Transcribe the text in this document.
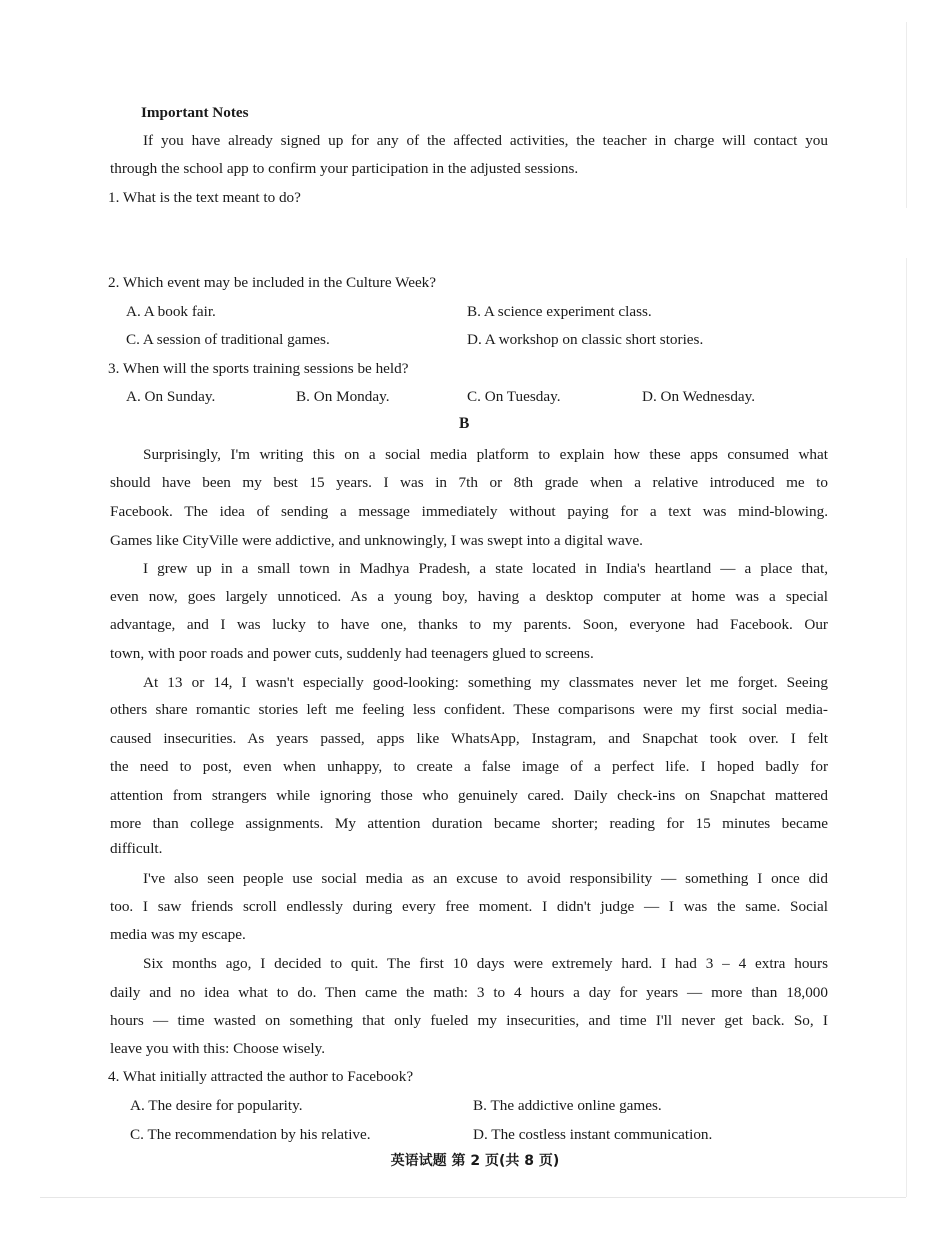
Important Notes
If you have already signed up for any of the affected activities, the teacher in charge will contact you
through the school app to confirm your participation in the adjusted sessions.
1. What is the text meant to do?
2. Which event may be included in the Culture Week?
A. A book fair.	B. A science experiment class.
C. A session of traditional games.	D. A workshop on classic short stories.
3. When will the sports training sessions be held?
A. On Sunday.	B. On Monday.	C. On Tuesday.	D. On Wednesday.
B
Surprisingly, I'm writing this on a social media platform to explain how these apps consumed what
should have been my best 15 years. I was in 7th or 8th grade when a relative introduced me to
Facebook. The idea of sending a message immediately without paying for a text was mind-blowing.
Games like CityVille were addictive, and unknowingly, I was swept into a digital wave.
I grew up in a small town in Madhya Pradesh, a state located in India's heartland — a place that,
even now, goes largely unnoticed. As a young boy, having a desktop computer at home was a special
advantage, and I was lucky to have one, thanks to my parents. Soon, everyone had Facebook. Our
town, with poor roads and power cuts, suddenly had teenagers glued to screens.
At 13 or 14, I wasn't especially good-looking: something my classmates never let me forget. Seeing
others share romantic stories left me feeling less confident. These comparisons were my first social media-
caused insecurities. As years passed, apps like WhatsApp, Instagram, and Snapchat took over. I felt
the need to post, even when unhappy, to create a false image of a perfect life. I hoped badly for
attention from strangers while ignoring those who genuinely cared. Daily check-ins on Snapchat mattered
more than college assignments. My attention duration became shorter; reading for 15 minutes became
difficult.
I've also seen people use social media as an excuse to avoid responsibility — something I once did
too. I saw friends scroll endlessly during every free moment. I didn't judge — I was the same. Social
media was my escape.
Six months ago, I decided to quit. The first 10 days were extremely hard. I had 3 – 4 extra hours
daily and no idea what to do. Then came the math: 3 to 4 hours a day for years — more than 18,000
hours — time wasted on something that only fueled my insecurities, and time I'll never get back. So, I
leave you with this: Choose wisely.
4. What initially attracted the author to Facebook?
A. The desire for popularity.	B. The addictive online games.
C. The recommendation by his relative.	D. The costless instant communication.
英语试题 第 2 页(共 8 页)
